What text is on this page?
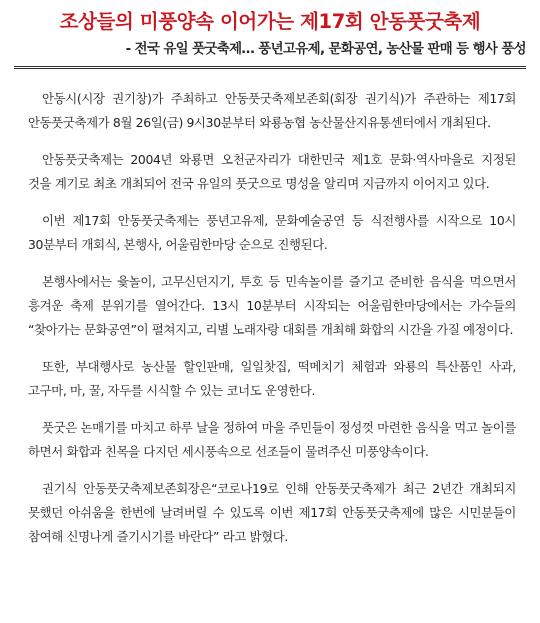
조상들의 미풍양속 이어가는 제17회 안동풋굿축제

- 전국 유일 풋굿축제… 풍년고유제, 문화공연, 농산물 판매 등 행사 풍성

안동시(시장 권기창)가 주최하고 안동풋굿축제보존회(회장 권기식)가 주관하는 제17회 안동풋굿축제가 8월 26일(금) 9시30분부터 와룡농협 농산물산지유통센터에서 개최된다.

안동풋굿축제는 2004년 와룡면 오천군자리가 대한민국 제1호 문화·역사마을로 지정된 것을 계기로 최초 개최되어 전국 유일의 풋굿으로 명성을 알리며 지금까지 이어지고 있다.

이번 제17회 안동풋굿축제는 풍년고유제, 문화예술공연 등 식전행사를 시작으로 10시 30분부터 개회식, 본행사, 어울림한마당 순으로 진행된다.

본행사에서는 윷놀이, 고무신던지기, 투호 등 민속놀이를 즐기고 준비한 음식을 먹으면서 흥겨운 축제 분위기를 열어간다. 13시 10분부터 시작되는 어울림한마당에서는 가수들의 “찾아가는 문화공연”이 펼쳐지고, 리별 노래자랑 대회를 개최해 화합의 시간을 가질 예정이다.

또한, 부대행사로 농산물 할인판매, 일일찻집, 떡메치기 체험과 와룡의 특산품인 사과, 고구마, 마, 꿀, 자두를 시식할 수 있는 코너도 운영한다.

풋굿은 논매기를 마치고 하루 날을 정하여 마을 주민들이 정성껏 마련한 음식을 먹고 놀이를 하면서 화합과 친목을 다지던 세시풍속으로 선조들이 물려주신 미풍양속이다.

권기식 안동풋굿축제보존회장은“코로나19로 인해 안동풋굿축제가 최근 2년간 개최되지 못했던 아쉬움을 한번에 날려버릴 수 있도록 이번 제17회 안동풋굿축제에 많은 시민분들이 참여해 신명나게 즐기시기를 바란다” 라고 밝혔다.
